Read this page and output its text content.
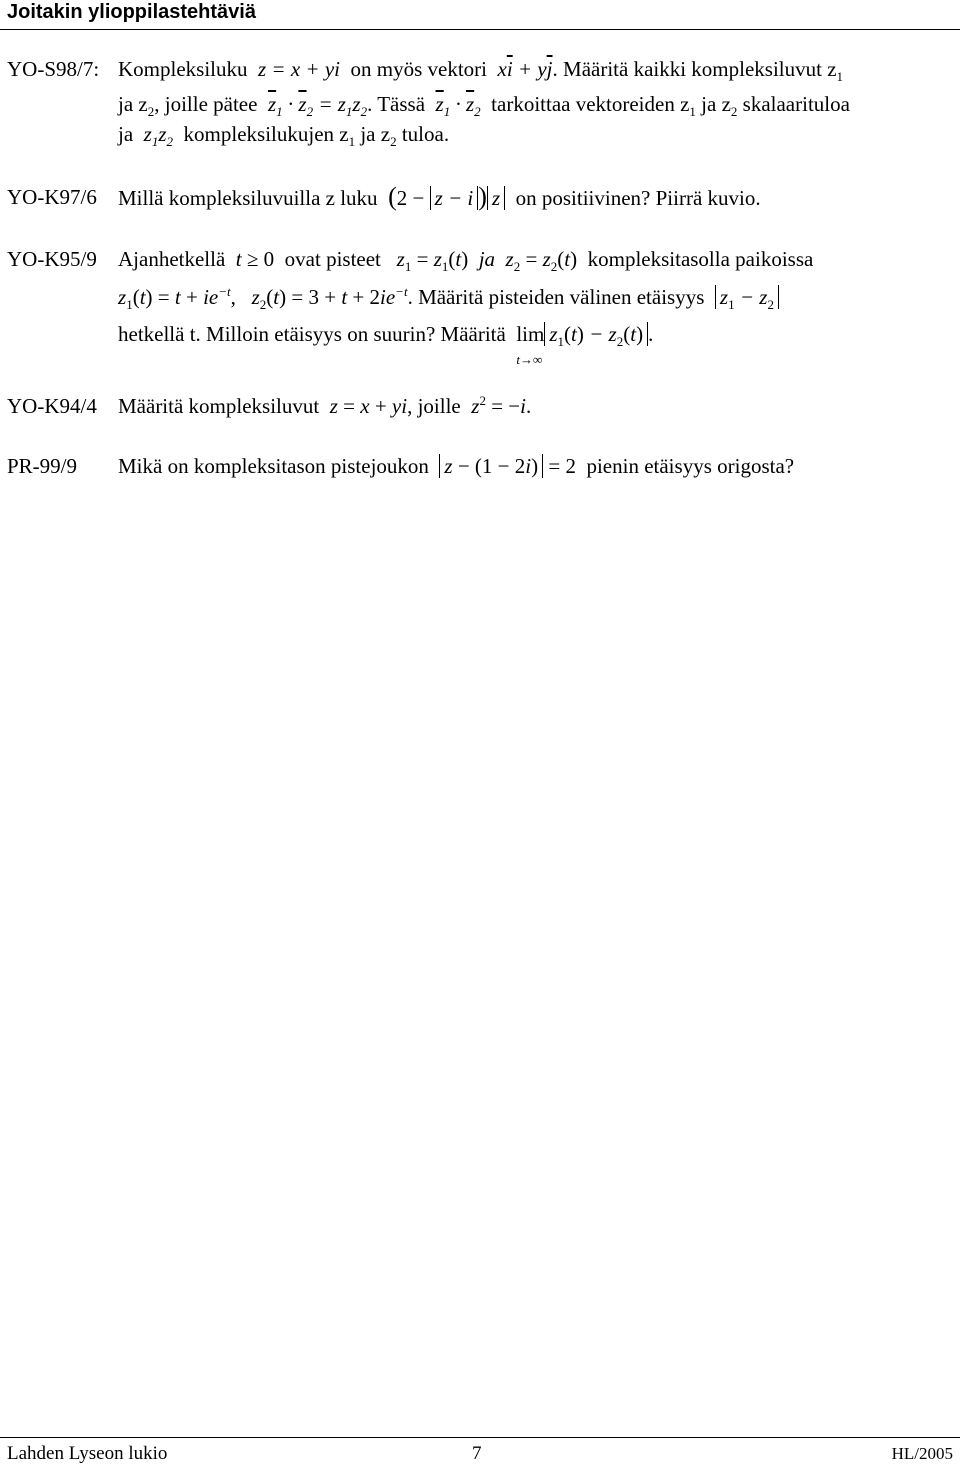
Joitakin ylioppilastehtäviä
YO-S98/7: Kompleksiluku z = x + yi on myös vektori $x\overline{i} + y\overline{j}$. Määritä kaikki kompleksiluvut $z_1$
ja $z_2$, joille pätee $\overline{z}_1 \cdot \overline{z}_2 = z_1z_2$. Tässä $\overline{z}_1 \cdot \overline{z}_2$ tarkoittaa vektoreiden $z_1$ ja $z_2$ skalaarituloa
ja $z_1z_2$ kompleksilukujen $z_1$ ja $z_2$ tuloa.
YO-K97/6 Millä kompleksiluvuilla z luku (2 − z − i ) z on positiivinen? Piirrä kuvio.
YO-K95/9 Ajanhetkellä t ≥ 0 ovat pisteet $z_1 = z_1(t)$  ja  $z_2 = z_2(t)$ kompleksitasolla paikoissa
$z_1(t) = t + ie^{-t}$, $z_2(t) = 3 + t + 2ie^{-t}$. Määritä pisteiden välinen etäisyys $z_1 - z_2$
hetkellä t. Milloin etäisyys on suurin? Määritä lim
t→∞
$z_1(t) - z_2(t)$ .
YO-K94/4 Määritä kompleksiluvut z = x + yi, joille $z^2 = -i$.
PR-99/9 Mikä on kompleksitason pistejoukon z − (1 − 2i) = 2 pienin etäisyys origosta?
Lahden Lyseon lukio	7	HL/2005
